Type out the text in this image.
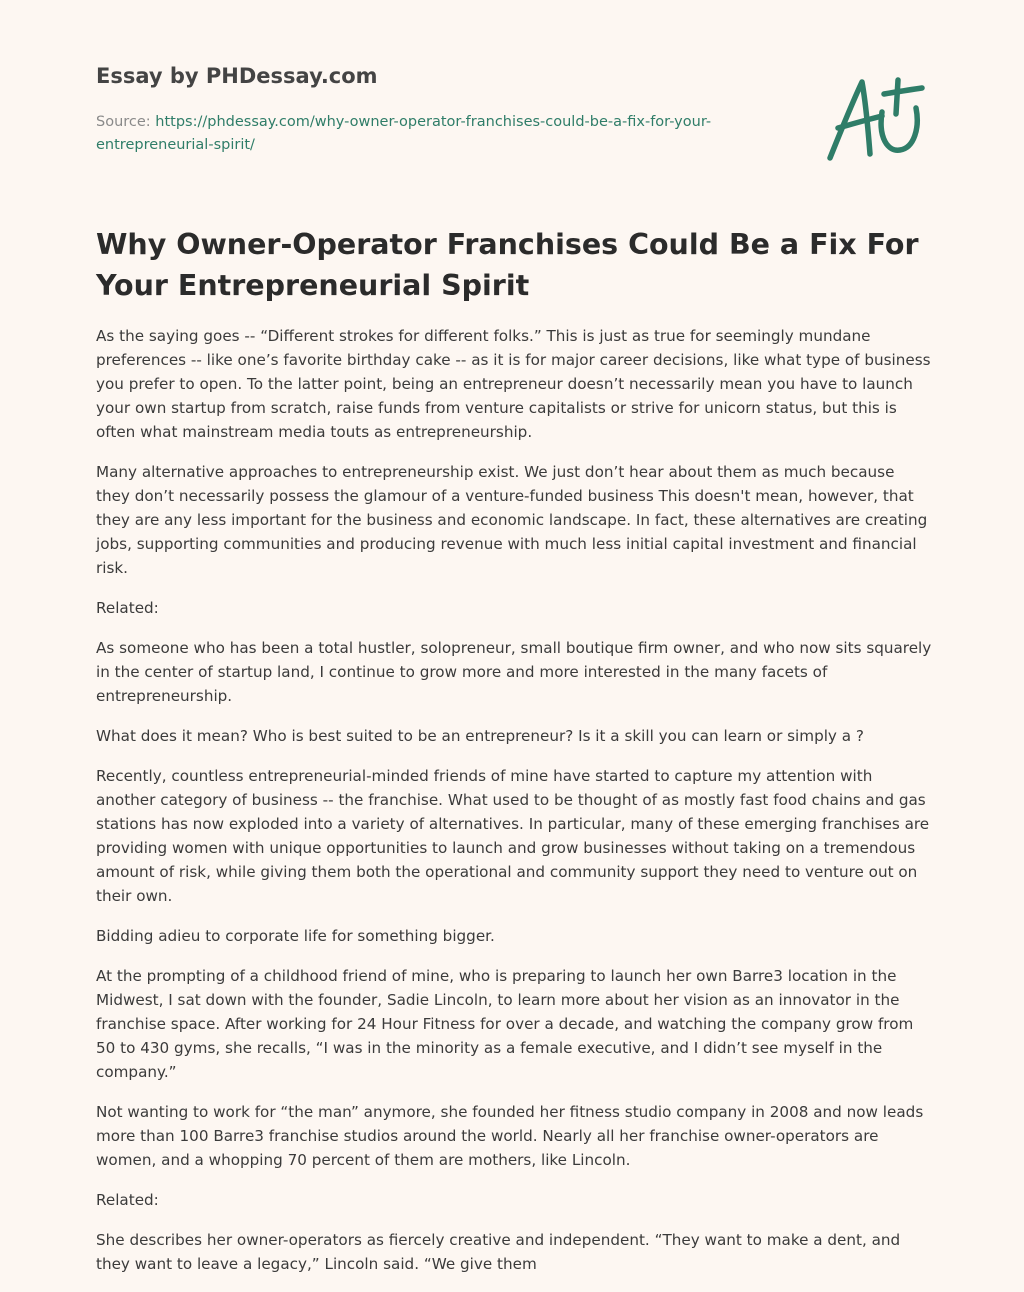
Essay by PHDessay.com
Source: https://phdessay.com/why-owner-operator-franchises-could-be-a-fix-for-your-entrepreneurial-spirit/
Why Owner-Operator Franchises Could Be a Fix For Your Entrepreneurial Spirit

As the saying goes -- “Different strokes for different folks.” This is just as true for seemingly mundane preferences -- like one’s favorite birthday cake -- as it is for major career decisions, like what type of business you prefer to open. To the latter point, being an entrepreneur doesn’t necessarily mean you have to launch your own startup from scratch, raise funds from venture capitalists or strive for unicorn status, but this is often what mainstream media touts as entrepreneurship.

Many alternative approaches to entrepreneurship exist. We just don’t hear about them as much because they don’t necessarily possess the glamour of a venture-funded business This doesn't mean, however, that they are any less important for the business and economic landscape. In fact, these alternatives are creating jobs, supporting communities and producing revenue with much less initial capital investment and financial risk.

Related:

As someone who has been a total hustler, solopreneur, small boutique firm owner, and who now sits squarely in the center of startup land, I continue to grow more and more interested in the many facets of entrepreneurship.

What does it mean? Who is best suited to be an entrepreneur? Is it a skill you can learn or simply a ?

Recently, countless entrepreneurial-minded friends of mine have started to capture my attention with another category of business -- the franchise. What used to be thought of as mostly fast food chains and gas stations has now exploded into a variety of alternatives. In particular, many of these emerging franchises are providing women with unique opportunities to launch and grow businesses without taking on a tremendous amount of risk, while giving them both the operational and community support they need to venture out on their own.

Bidding adieu to corporate life for something bigger.

At the prompting of a childhood friend of mine, who is preparing to launch her own Barre3 location in the Midwest, I sat down with the founder, Sadie Lincoln, to learn more about her vision as an innovator in the franchise space. After working for 24 Hour Fitness for over a decade, and watching the company grow from 50 to 430 gyms, she recalls, “I was in the minority as a female executive, and I didn’t see myself in the company.”

Not wanting to work for “the man” anymore, she founded her fitness studio company in 2008 and now leads more than 100 Barre3 franchise studios around the world. Nearly all her franchise owner-operators are women, and a whopping 70 percent of them are mothers, like Lincoln.

Related:

She describes her owner-operators as fiercely creative and independent. “They want to make a dent, and they want to leave a legacy,” Lincoln said. “We give them
